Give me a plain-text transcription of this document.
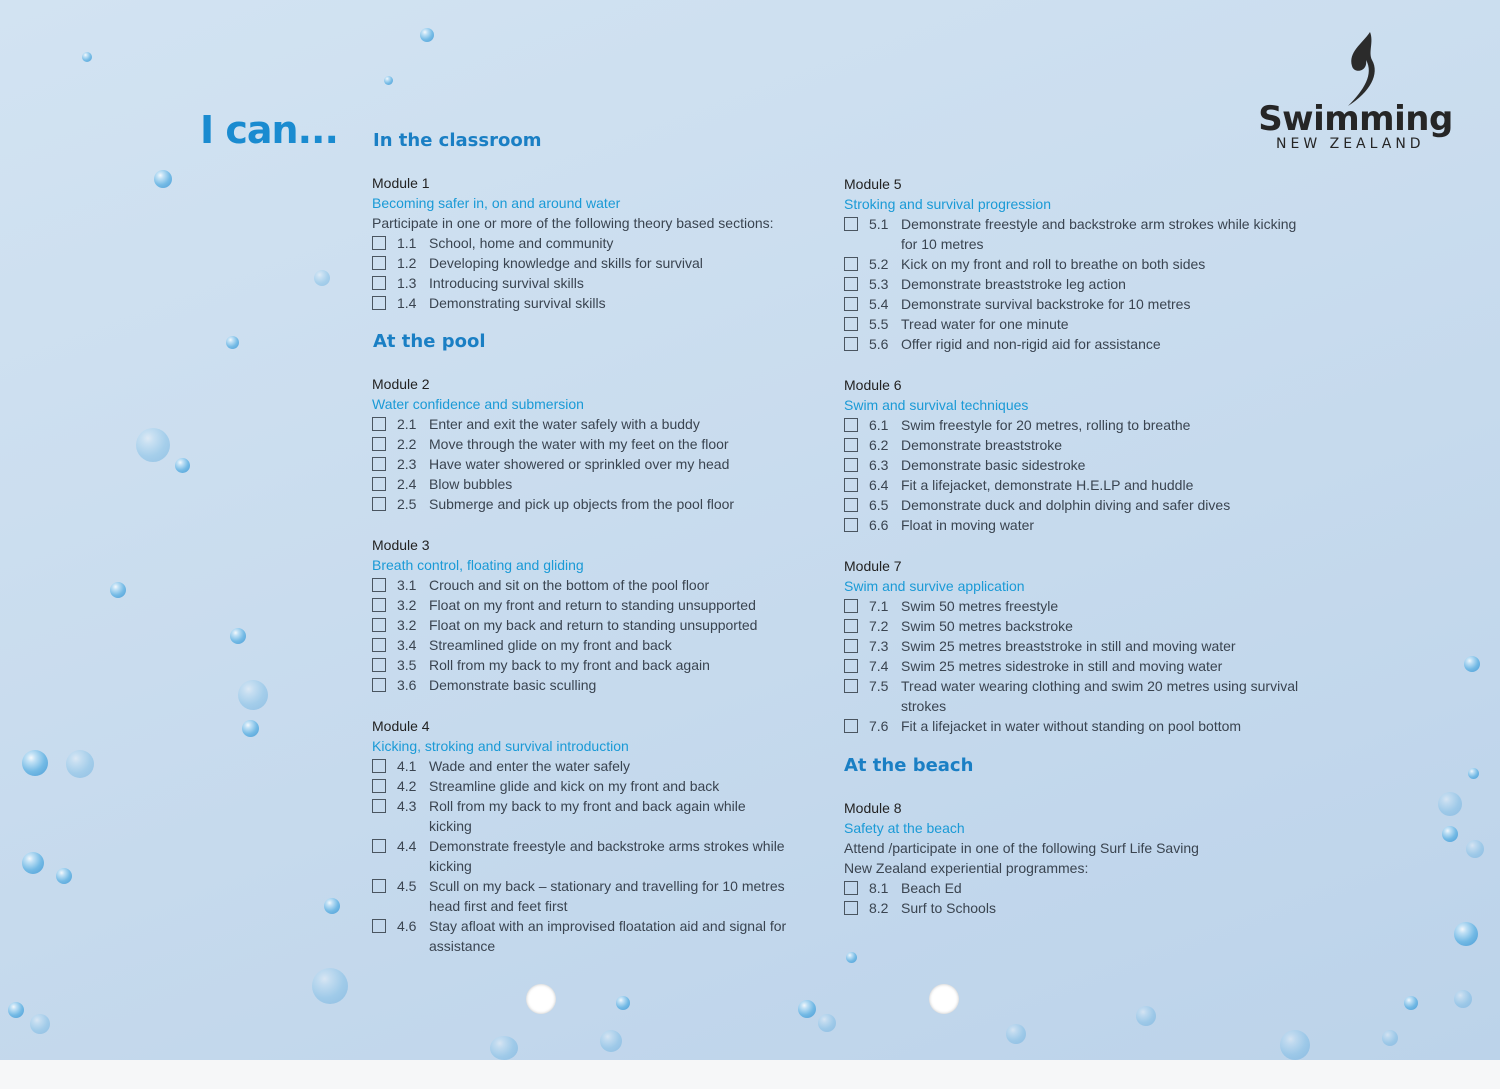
I can...	Swimming
NEW ZEALAND
In the classroom
At the pool
At the beach
Module 1
Becoming safer in, on and around water
Participate in one or more of the following theory based sections:
1.1 School, home and community
1.2 Developing knowledge and skills for survival
1.3 Introducing survival skills
1.4 Demonstrating survival skills
Module 2
Water confidence and submersion
2.1 Enter and exit the water safely with a buddy
2.2 Move through the water with my feet on the floor
2.3 Have water showered or sprinkled over my head
2.4 Blow bubbles
2.5 Submerge and pick up objects from the pool floor
Module 3
Breath control, floating and gliding
3.1 Crouch and sit on the bottom of the pool floor
3.2 Float on my front and return to standing unsupported
3.2 Float on my back and return to standing unsupported
3.4 Streamlined glide on my front and back
3.5 Roll from my back to my front and back again
3.6 Demonstrate basic sculling
Module 4
Kicking, stroking and survival introduction
4.1 Wade and enter the water safely
4.2 Streamline glide and kick on my front and back
4.3 Roll from my back to my front and back again while kicking
4.4 Demonstrate freestyle and backstroke arms strokes while kicking
4.5 Scull on my back – stationary and travelling for 10 metres head first and feet first
4.6 Stay afloat with an improvised floatation aid and signal for assistance
Module 5
Stroking and survival progression
5.1 Demonstrate freestyle and backstroke arm strokes while kicking for 10 metres
5.2 Kick on my front and roll to breathe on both sides
5.3 Demonstrate breaststroke leg action
5.4 Demonstrate survival backstroke for 10 metres
5.5 Tread water for one minute
5.6 Offer rigid and non-rigid aid for assistance
Module 6
Swim and survival techniques
6.1 Swim freestyle for 20 metres, rolling to breathe
6.2 Demonstrate breaststroke
6.3 Demonstrate basic sidestroke
6.4 Fit a lifejacket, demonstrate H.E.LP and huddle
6.5 Demonstrate duck and dolphin diving and safer dives
6.6 Float in moving water
Module 7
Swim and survive application
7.1 Swim 50 metres freestyle
7.2 Swim 50 metres backstroke
7.3 Swim 25 metres breaststroke in still and moving water
7.4 Swim 25 metres sidestroke in still and moving water
7.5 Tread water wearing clothing and swim 20 metres using survival strokes
7.6 Fit a lifejacket in water without standing on pool bottom
Module 8
Safety at the beach
Attend /participate in one of the following Surf Life Saving New Zealand experiential programmes:
8.1 Beach Ed
8.2 Surf to Schools
